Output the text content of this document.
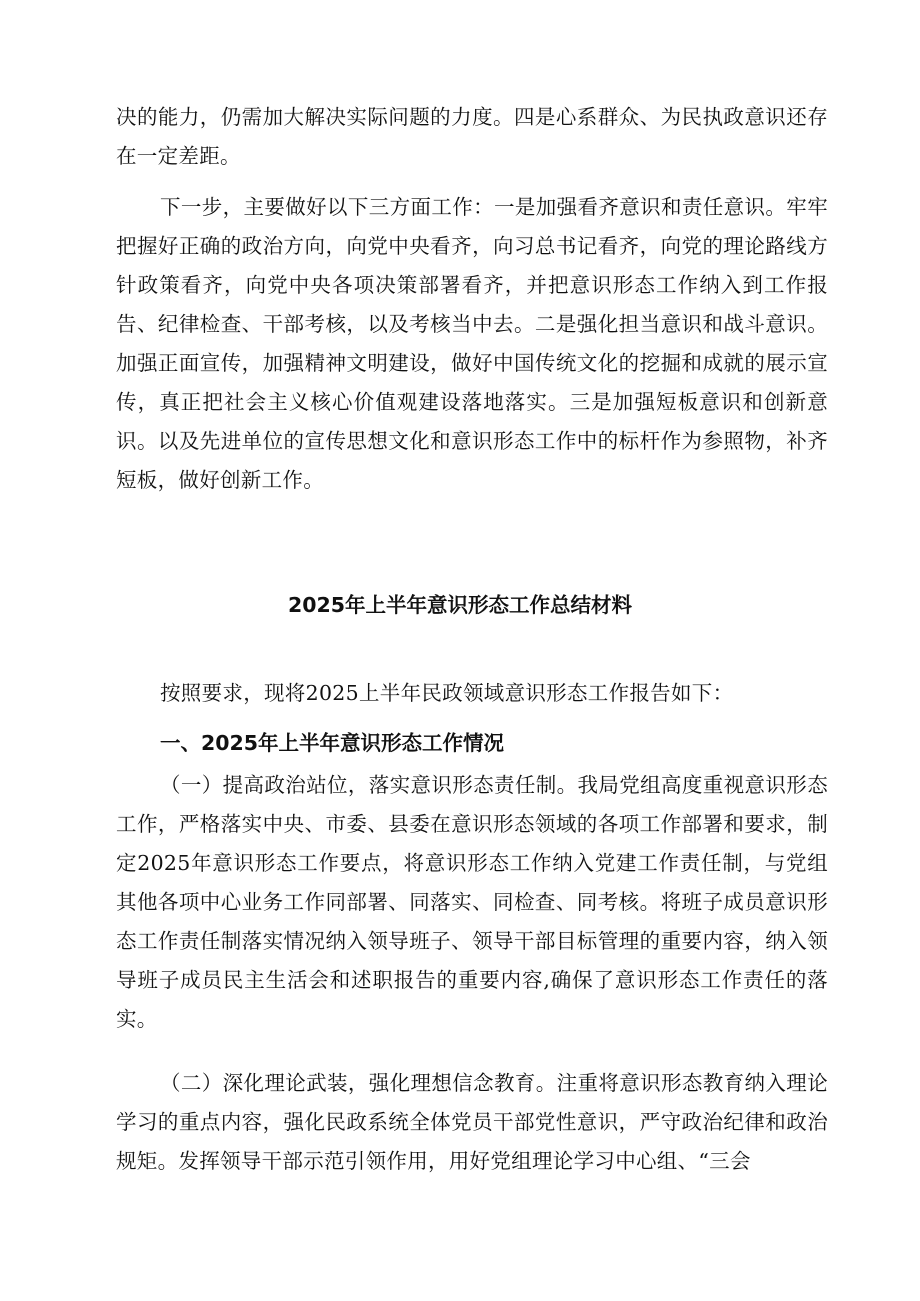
决的能力，仍需加大解决实际问题的力度。四是心系群众、为民执政意识还存在一定差距。

下一步，主要做好以下三方面工作：一是加强看齐意识和责任意识。牢牢把握好正确的政治方向，向党中央看齐，向习总书记看齐，向党的理论路线方针政策看齐，向党中央各项决策部署看齐，并把意识形态工作纳入到工作报告、纪律检查、干部考核，以及考核当中去。二是强化担当意识和战斗意识。加强正面宣传，加强精神文明建设，做好中国传统文化的挖掘和成就的展示宣传，真正把社会主义核心价值观建设落地落实。三是加强短板意识和创新意识。以及先进单位的宣传思想文化和意识形态工作中的标杆作为参照物，补齐短板，做好创新工作。

2025年上半年意识形态工作总结材料

按照要求，现将2025上半年民政领域意识形态工作报告如下：

一、2025年上半年意识形态工作情况

（一）提高政治站位，落实意识形态责任制。我局党组高度重视意识形态工作，严格落实中央、市委、县委在意识形态领域的各项工作部署和要求，制定2025年意识形态工作要点，将意识形态工作纳入党建工作责任制，与党组其他各项中心业务工作同部署、同落实、同检查、同考核。将班子成员意识形态工作责任制落实情况纳入领导班子、领导干部目标管理的重要内容，纳入领导班子成员民主生活会和述职报告的重要内容,确保了意识形态工作责任的落实。

（二）深化理论武装，强化理想信念教育。注重将意识形态教育纳入理论学习的重点内容，强化民政系统全体党员干部党性意识，严守政治纪律和政治规矩。发挥领导干部示范引领作用，用好党组理论学习中心组、“三会
